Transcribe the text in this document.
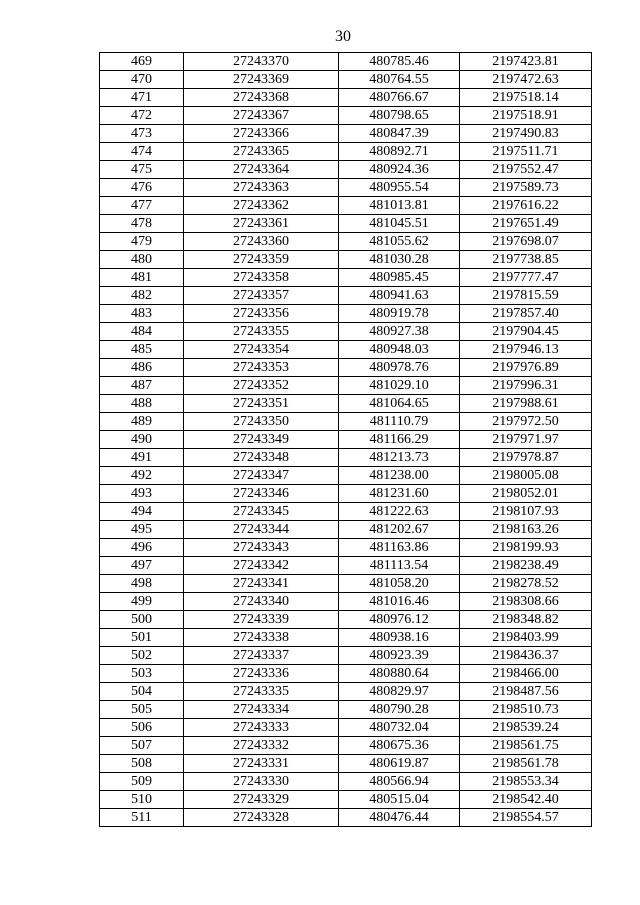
30
469	27243370	480785.46	2197423.81
470	27243369	480764.55	2197472.63
471	27243368	480766.67	2197518.14
472	27243367	480798.65	2197518.91
473	27243366	480847.39	2197490.83
474	27243365	480892.71	2197511.71
475	27243364	480924.36	2197552.47
476	27243363	480955.54	2197589.73
477	27243362	481013.81	2197616.22
478	27243361	481045.51	2197651.49
479	27243360	481055.62	2197698.07
480	27243359	481030.28	2197738.85
481	27243358	480985.45	2197777.47
482	27243357	480941.63	2197815.59
483	27243356	480919.78	2197857.40
484	27243355	480927.38	2197904.45
485	27243354	480948.03	2197946.13
486	27243353	480978.76	2197976.89
487	27243352	481029.10	2197996.31
488	27243351	481064.65	2197988.61
489	27243350	481110.79	2197972.50
490	27243349	481166.29	2197971.97
491	27243348	481213.73	2197978.87
492	27243347	481238.00	2198005.08
493	27243346	481231.60	2198052.01
494	27243345	481222.63	2198107.93
495	27243344	481202.67	2198163.26
496	27243343	481163.86	2198199.93
497	27243342	481113.54	2198238.49
498	27243341	481058.20	2198278.52
499	27243340	481016.46	2198308.66
500	27243339	480976.12	2198348.82
501	27243338	480938.16	2198403.99
502	27243337	480923.39	2198436.37
503	27243336	480880.64	2198466.00
504	27243335	480829.97	2198487.56
505	27243334	480790.28	2198510.73
506	27243333	480732.04	2198539.24
507	27243332	480675.36	2198561.75
508	27243331	480619.87	2198561.78
509	27243330	480566.94	2198553.34
510	27243329	480515.04	2198542.40
511	27243328	480476.44	2198554.57
